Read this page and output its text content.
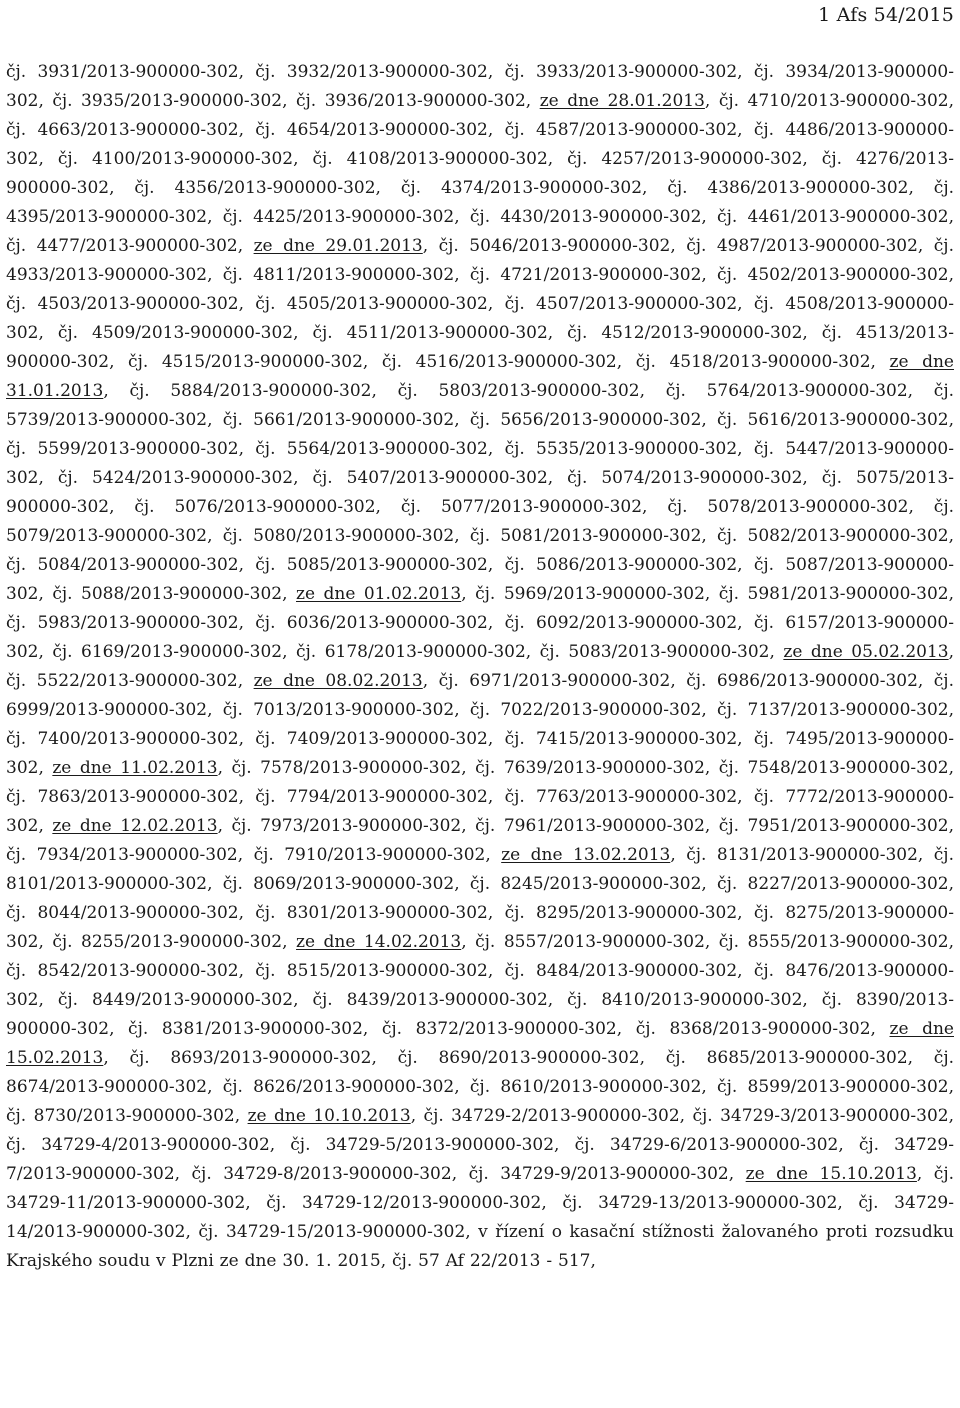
1 Afs 54/2015

čj. 3931/2013-900000-302, čj. 3932/2013-900000-302, čj. 3933/2013-900000-302, čj. 3934/2013-900000-302, čj. 3935/2013-900000-302, čj. 3936/2013-900000-302, ze dne 28.01.2013, čj. 4710/2013-900000-302, čj. 4663/2013-900000-302, čj. 4654/2013-900000-302, čj. 4587/2013-900000-302, čj. 4486/2013-900000-302, čj. 4100/2013-900000-302, čj. 4108/2013-900000-302, čj. 4257/2013-900000-302, čj. 4276/2013-900000-302, čj. 4356/2013-900000-302, čj. 4374/2013-900000-302, čj. 4386/2013-900000-302, čj. 4395/2013-900000-302, čj. 4425/2013-900000-302, čj. 4430/2013-900000-302, čj. 4461/2013-900000-302, čj. 4477/2013-900000-302, ze dne 29.01.2013, čj. 5046/2013-900000-302, čj. 4987/2013-900000-302, čj. 4933/2013-900000-302, čj. 4811/2013-900000-302, čj. 4721/2013-900000-302, čj. 4502/2013-900000-302, čj. 4503/2013-900000-302, čj. 4505/2013-900000-302, čj. 4507/2013-900000-302, čj. 4508/2013-900000-302, čj. 4509/2013-900000-302, čj. 4511/2013-900000-302, čj. 4512/2013-900000-302, čj. 4513/2013-900000-302, čj. 4515/2013-900000-302, čj. 4516/2013-900000-302, čj. 4518/2013-900000-302, ze dne 31.01.2013, čj. 5884/2013-900000-302, čj. 5803/2013-900000-302, čj. 5764/2013-900000-302, čj. 5739/2013-900000-302, čj. 5661/2013-900000-302, čj. 5656/2013-900000-302, čj. 5616/2013-900000-302, čj. 5599/2013-900000-302, čj. 5564/2013-900000-302, čj. 5535/2013-900000-302, čj. 5447/2013-900000-302, čj. 5424/2013-900000-302, čj. 5407/2013-900000-302, čj. 5074/2013-900000-302, čj. 5075/2013-900000-302, čj. 5076/2013-900000-302, čj. 5077/2013-900000-302, čj. 5078/2013-900000-302, čj. 5079/2013-900000-302, čj. 5080/2013-900000-302, čj. 5081/2013-900000-302, čj. 5082/2013-900000-302, čj. 5084/2013-900000-302, čj. 5085/2013-900000-302, čj. 5086/2013-900000-302, čj. 5087/2013-900000-302, čj. 5088/2013-900000-302, ze dne 01.02.2013, čj. 5969/2013-900000-302, čj. 5981/2013-900000-302, čj. 5983/2013-900000-302, čj. 6036/2013-900000-302, čj. 6092/2013-900000-302, čj. 6157/2013-900000-302, čj. 6169/2013-900000-302, čj. 6178/2013-900000-302, čj. 5083/2013-900000-302, ze dne 05.02.2013, čj. 5522/2013-900000-302, ze dne 08.02.2013, čj. 6971/2013-900000-302, čj. 6986/2013-900000-302, čj. 6999/2013-900000-302, čj. 7013/2013-900000-302, čj. 7022/2013-900000-302, čj. 7137/2013-900000-302, čj. 7400/2013-900000-302, čj. 7409/2013-900000-302, čj. 7415/2013-900000-302, čj. 7495/2013-900000-302, ze dne 11.02.2013, čj. 7578/2013-900000-302, čj. 7639/2013-900000-302, čj. 7548/2013-900000-302, čj. 7863/2013-900000-302, čj. 7794/2013-900000-302, čj. 7763/2013-900000-302, čj. 7772/2013-900000-302, ze dne 12.02.2013, čj. 7973/2013-900000-302, čj. 7961/2013-900000-302, čj. 7951/2013-900000-302, čj. 7934/2013-900000-302, čj. 7910/2013-900000-302, ze dne 13.02.2013, čj. 8131/2013-900000-302, čj. 8101/2013-900000-302, čj. 8069/2013-900000-302, čj. 8245/2013-900000-302, čj. 8227/2013-900000-302, čj. 8044/2013-900000-302, čj. 8301/2013-900000-302, čj. 8295/2013-900000-302, čj. 8275/2013-900000-302, čj. 8255/2013-900000-302, ze dne 14.02.2013, čj. 8557/2013-900000-302, čj. 8555/2013-900000-302, čj. 8542/2013-900000-302, čj. 8515/2013-900000-302, čj. 8484/2013-900000-302, čj. 8476/2013-900000-302, čj. 8449/2013-900000-302, čj. 8439/2013-900000-302, čj. 8410/2013-900000-302, čj. 8390/2013-900000-302, čj. 8381/2013-900000-302, čj. 8372/2013-900000-302, čj. 8368/2013-900000-302, ze dne 15.02.2013, čj. 8693/2013-900000-302, čj. 8690/2013-900000-302, čj. 8685/2013-900000-302, čj. 8674/2013-900000-302, čj. 8626/2013-900000-302, čj. 8610/2013-900000-302, čj. 8599/2013-900000-302, čj. 8730/2013-900000-302, ze dne 10.10.2013, čj. 34729-2/2013-900000-302, čj. 34729-3/2013-900000-302, čj. 34729-4/2013-900000-302, čj. 34729-5/2013-900000-302, čj. 34729-6/2013-900000-302, čj. 34729-7/2013-900000-302, čj. 34729-8/2013-900000-302, čj. 34729-9/2013-900000-302, ze dne 15.10.2013, čj. 34729-11/2013-900000-302, čj. 34729-12/2013-900000-302, čj. 34729-13/2013-900000-302, čj. 34729-14/2013-900000-302, čj. 34729-15/2013-900000-302, v řízení o kasační stížnosti žalovaného proti rozsudku Krajského soudu v Plzni ze dne 30. 1. 2015, čj. 57 Af 22/2013 - 517,
